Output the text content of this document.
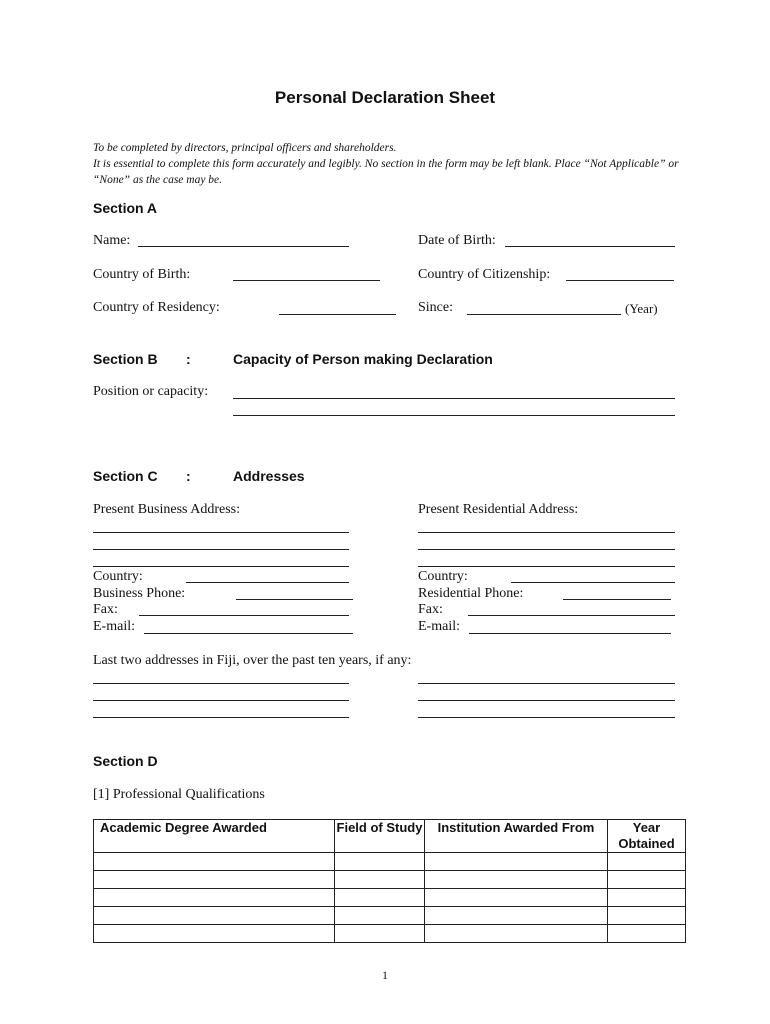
Personal Declaration Sheet
To be completed by directors, principal officers and shareholders.
It is essential to complete this form accurately and legibly. No section in the form may be left blank. Place “Not Applicable” or “None” as the case may be.
Section A
Name:	Date of Birth:
Country of Birth:	Country of Citizenship:
Country of Residency:	Since:	(Year)
Section B :	Capacity of Person making Declaration
Position or capacity:
Section C :	Addresses
Present Business Address:	Present Residential Address:
Country:
Business Phone:
Fax:
E-mail:
Country:
Residential Phone:
Fax:
E-mail:
Last two addresses in Fiji, over the past ten years, if any:
Section D
[1] Professional Qualifications
Academic Degree Awarded	Field of Study	Institution Awarded From	Year Obtained

1
